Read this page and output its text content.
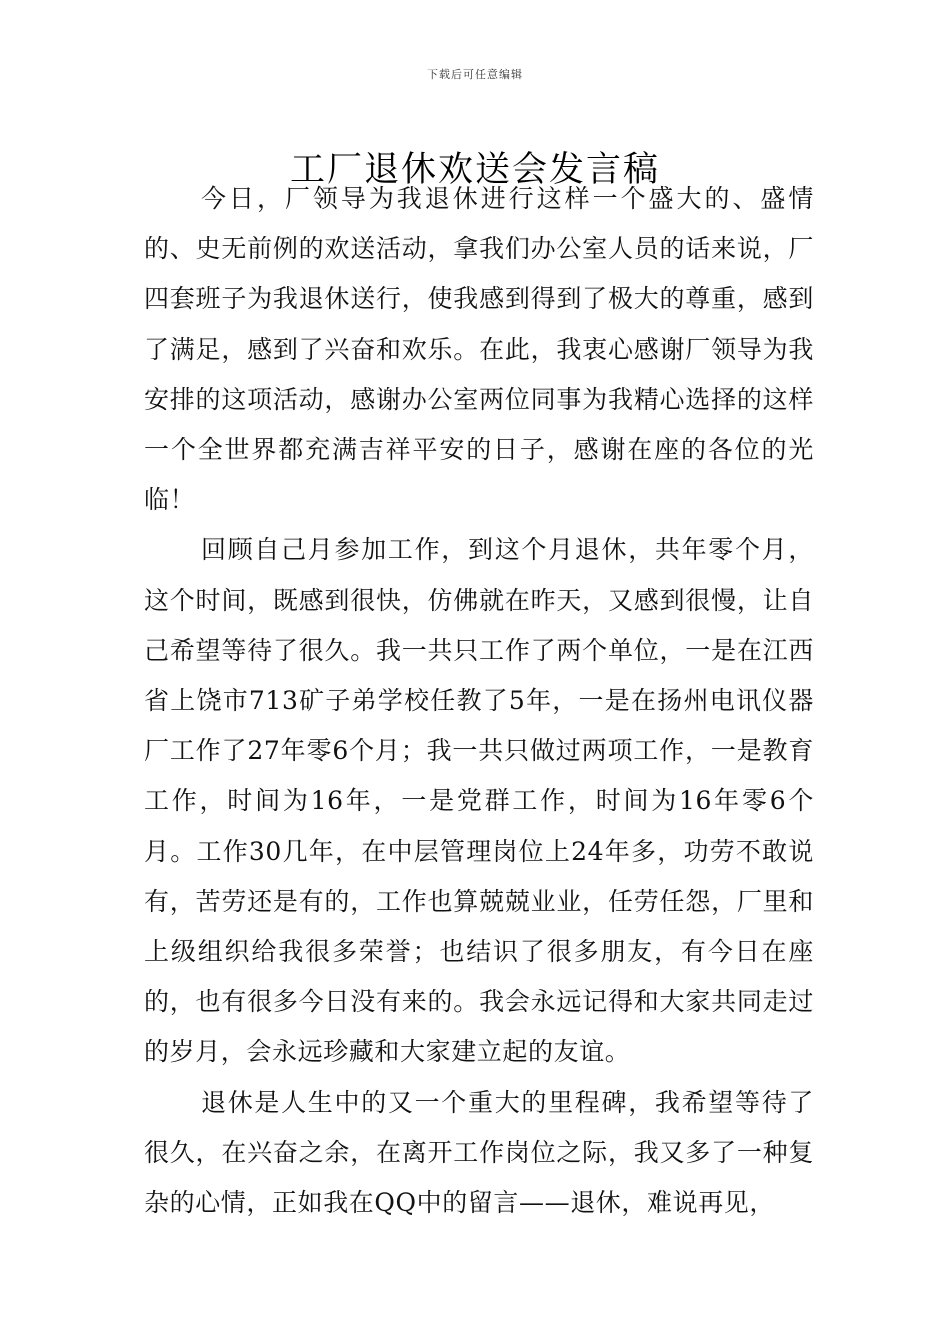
下载后可任意编辑
工厂退休欢送会发言稿

今日，厂领导为我退休进行这样一个盛大的、盛情的、史无前例的欢送活动，拿我们办公室人员的话来说，厂四套班子为我退休送行，使我感到得到了极大的尊重，感到了满足，感到了兴奋和欢乐。在此，我衷心感谢厂领导为我安排的这项活动，感谢办公室两位同事为我精心选择的这样一个全世界都充满吉祥平安的日子，感谢在座的各位的光临！

回顾自己月参加工作，到这个月退休，共年零个月，这个时间，既感到很快，仿佛就在昨天，又感到很慢，让自己希望等待了很久。我一共只工作了两个单位，一是在江西省上饶市713矿子弟学校任教了5年，一是在扬州电讯仪器厂工作了27年零6个月；我一共只做过两项工作，一是教育工作，时间为16年，一是党群工作，时间为16年零6个月。工作30几年，在中层管理岗位上24年多，功劳不敢说有，苦劳还是有的，工作也算兢兢业业，任劳任怨，厂里和上级组织给我很多荣誉；也结识了很多朋友，有今日在座的，也有很多今日没有来的。我会永远记得和大家共同走过的岁月，会永远珍藏和大家建立起的友谊。

退休是人生中的又一个重大的里程碑，我希望等待了很久，在兴奋之余，在离开工作岗位之际，我又多了一种复杂的心情，正如我在QQ中的留言——退休，难说再见，
